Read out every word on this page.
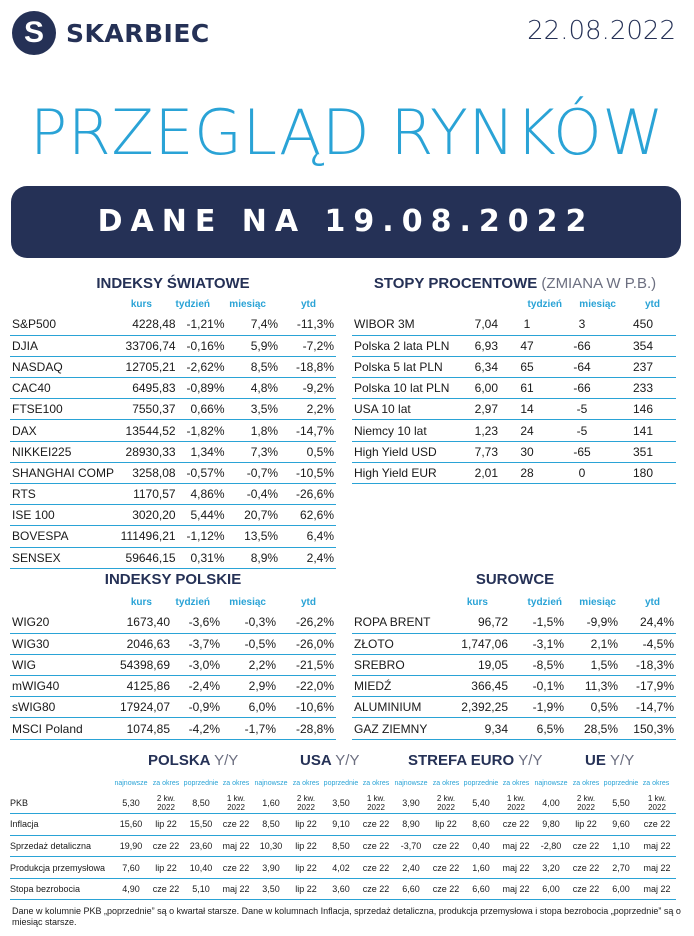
S SKARBIEC	22.08.2022
PRZEGLĄD RYNKÓW
DANE NA 19.08.2022
INDEKSY ŚWIATOWE
kurs	tydzień	miesiąc	ytd
S&P500	4228,48	-1,21%	7,4%	-11,3%
DJIA	33706,74	-0,16%	5,9%	-7,2%
NASDAQ	12705,21	-2,62%	8,5%	-18,8%
CAC40	6495,83	-0,89%	4,8%	-9,2%
FTSE100	7550,37	0,66%	3,5%	2,2%
DAX	13544,52	-1,82%	1,8%	-14,7%
NIKKEI225	28930,33	1,34%	7,3%	0,5%
SHANGHAI COMP	3258,08	-0,57%	-0,7%	-10,5%
RTS	1170,57	4,86%	-0,4%	-26,6%
ISE 100	3020,20	5,44%	20,7%	62,6%
BOVESPA	111496,21	-1,12%	13,5%	6,4%
SENSEX	59646,15	0,31%	8,9%	2,4%
STOPY PROCENTOWE (ZMIANA W P.B.)
tydzień	miesiąc	ytd
WIBOR 3M	7,04	1	3	450
Polska 2 lata PLN	6,93	47	-66	354
Polska 5 lat PLN	6,34	65	-64	237
Polska 10 lat PLN	6,00	61	-66	233
USA 10 lat	2,97	14	-5	146
Niemcy 10 lat	1,23	24	-5	141
High Yield USD	7,73	30	-65	351
High Yield EUR	2,01	28	0	180
INDEKSY POLSKIE
kurs	tydzień	miesiąc	ytd
WIG20	1673,40	-3,6%	-0,3%	-26,2%
WIG30	2046,63	-3,7%	-0,5%	-26,0%
WIG	54398,69	-3,0%	2,2%	-21,5%
mWIG40	4125,86	-2,4%	2,9%	-22,0%
sWIG80	17924,07	-0,9%	6,0%	-10,6%
MSCI Poland	1074,85	-4,2%	-1,7%	-28,8%
SUROWCE
kurs	tydzień	miesiąc	ytd
ROPA BRENT	96,72	-1,5%	-9,9%	24,4%
ZŁOTO	1,747,06	-3,1%	2,1%	-4,5%
SREBRO	19,05	-8,5%	1,5%	-18,3%
MIEDŹ	366,45	-0,1%	11,3%	-17,9%
ALUMINIUM	2,392,25	-1,9%	0,5%	-14,7%
GAZ ZIEMNY	9,34	6,5%	28,5%	150,3%
POLSKA Y/Y	USA Y/Y	STREFA EURO Y/Y	UE Y/Y
najnowsze za okres poprzednie za okres najnowsze za okres poprzednie za okres najnowsze za okres poprzednie za okres najnowsze za okres poprzednie za okres
PKB	5,30	2 kw. 2022	8,50	1 kw. 2022	1,60	2 kw. 2022	3,50	1 kw. 2022	3,90	2 kw. 2022	5,40	1 kw. 2022	4,00	2 kw. 2022	5,50	1 kw. 2022
Inflacja	15,60	lip 22	15,50	cze 22	8,50	lip 22	9,10	cze 22	8,90	lip 22	8,60	cze 22	9,80	lip 22	9,60	cze 22
Sprzedaż detaliczna	19,90	cze 22	23,60	maj 22	10,30	lip 22	8,50	cze 22	-3,70	cze 22	0,40	maj 22	-2,80	cze 22	1,10	maj 22
Produkcja przemysłowa	7,60	lip 22	10,40	cze 22	3,90	lip 22	4,02	cze 22	2,40	cze 22	1,60	maj 22	3,20	cze 22	2,70	maj 22
Stopa bezrobocia	4,90	cze 22	5,10	maj 22	3,50	lip 22	3,60	cze 22	6,60	cze 22	6,60	maj 22	6,00	cze 22	6,00	maj 22
Dane w kolumnie PKB „poprzednie” są o kwartał starsze. Dane w kolumnach Inflacja, sprzedaż detaliczna, produkcja przemysłowa i stopa bezrobocia „poprzednie” są o miesiąc starsze.
